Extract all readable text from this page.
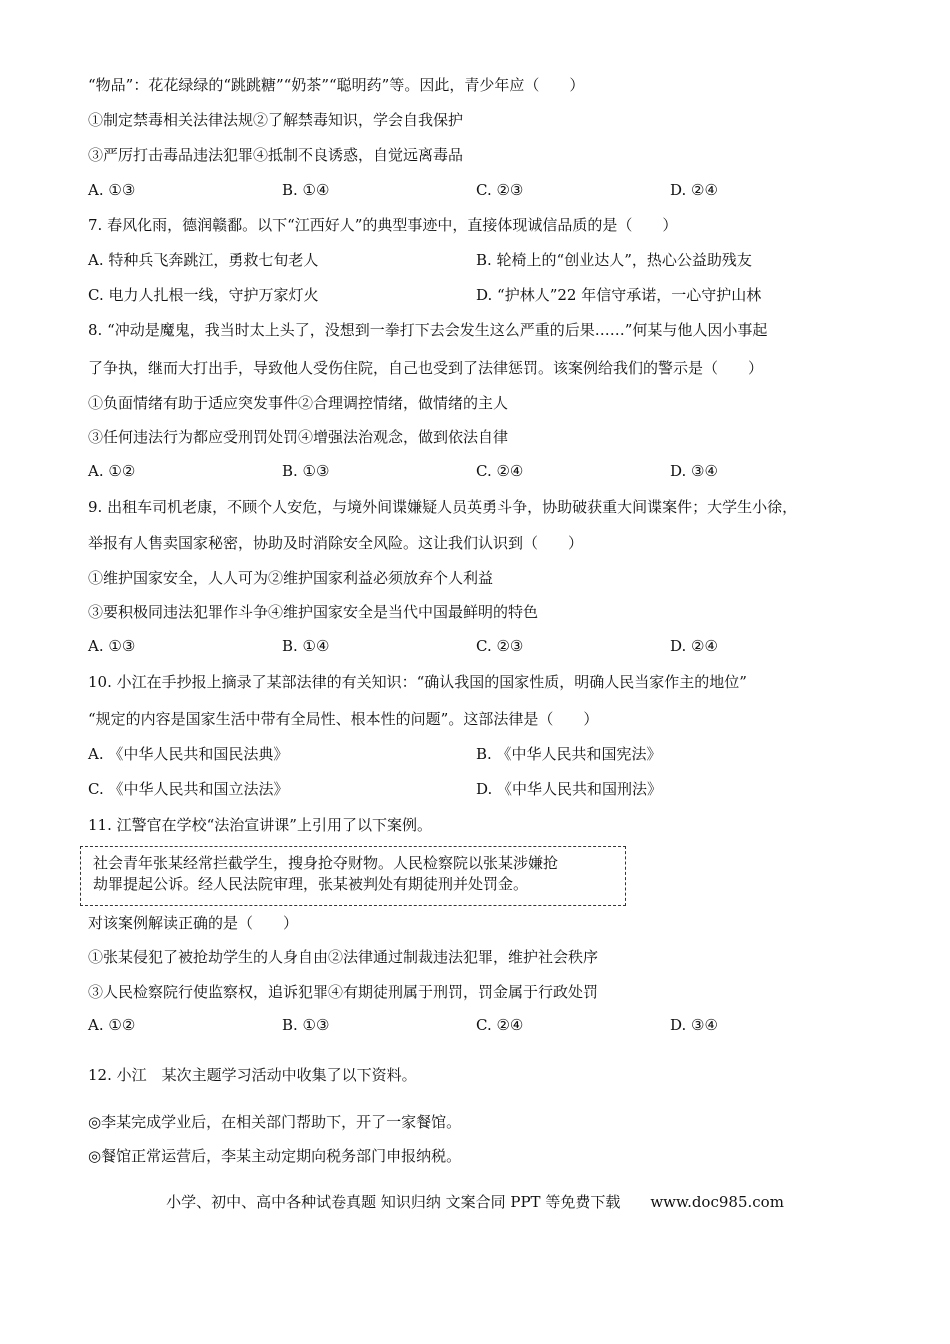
“物品”：花花绿绿的“跳跳糖”“奶茶”“聪明药”等。因此，青少年应（　　）
①制定禁毒相关法律法规②了解禁毒知识，学会自我保护
③严厉打击毒品违法犯罪④抵制不良诱惑，自觉远离毒品
A. ①③	B. ①④	C. ②③	D. ②④
7. 春风化雨，德润赣鄱。以下“江西好人”的典型事迹中，直接体现诚信品质的是（　　）
A. 特种兵飞奔跳江，勇救七旬老人	B. 轮椅上的“创业达人”，热心公益助残友
C. 电力人扎根一线，守护万家灯火	D. “护林人”22 年信守承诺，一心守护山林
8. “冲动是魔鬼，我当时太上头了，没想到一拳打下去会发生这么严重的后果……”何某与他人因小事起
了争执，继而大打出手，导致他人受伤住院，自己也受到了法律惩罚。该案例给我们的警示是（　　）
①负面情绪有助于适应突发事件②合理调控情绪，做情绪的主人
③任何违法行为都应受刑罚处罚④增强法治观念，做到依法自律
A. ①②	B. ①③	C. ②④	D. ③④
9. 出租车司机老康，不顾个人安危，与境外间谍嫌疑人员英勇斗争，协助破获重大间谍案件；大学生小徐，
举报有人售卖国家秘密，协助及时消除安全风险。这让我们认识到（　　）
①维护国家安全，人人可为②维护国家利益必须放弃个人利益
③要积极同违法犯罪作斗争④维护国家安全是当代中国最鲜明的特色
A. ①③	B. ①④	C. ②③	D. ②④
10. 小江在手抄报上摘录了某部法律的有关知识：“确认我国的国家性质，明确人民当家作主的地位”
“规定的内容是国家生活中带有全局性、根本性的问题”。这部法律是（　　）
A. 《中华人民共和国民法典》	B. 《中华人民共和国宪法》
C. 《中华人民共和国立法法》	D. 《中华人民共和国刑法》
11. 江警官在学校“法治宣讲课”上引用了以下案例。
社会青年张某经常拦截学生，搜身抢夺财物。人民检察院以张某涉嫌抢
劫罪提起公诉。经人民法院审理，张某被判处有期徒刑并处罚金。
对该案例解读正确的是（　　）
①张某侵犯了被抢劫学生的人身自由②法律通过制裁违法犯罪，维护社会秩序
③人民检察院行使监察权，追诉犯罪④有期徒刑属于刑罚，罚金属于行政处罚
A. ①②	B. ①③	C. ②④	D. ③④
12. 小江　某次主题学习活动中收集了以下资料。
◎李某完成学业后，在相关部门帮助下，开了一家餐馆。
◎餐馆正常运营后，李某主动定期向税务部门申报纳税。
小学、初中、高中各种试卷真题 知识归纳 文案合同 PPT 等免费下载　　www.doc985.com
